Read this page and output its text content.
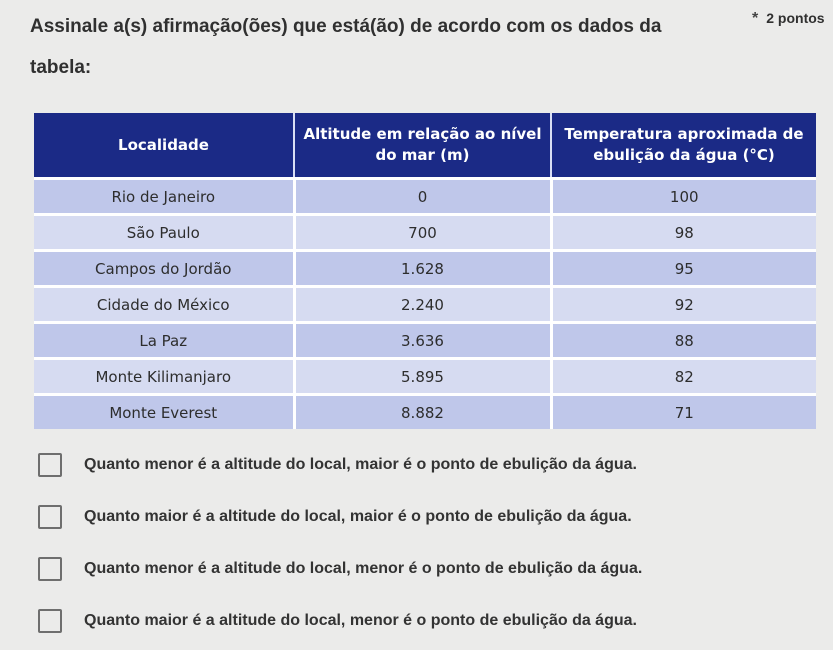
Assinale a(s) afirmação(ões) que está(ão) de acordo com os dados da tabela:
* 2 pontos
Localidade	Altitude em relação ao nível do mar (m)	Temperatura aproximada de ebulição da água (°C)
Rio de Janeiro	0	100
São Paulo	700	98
Campos do Jordão	1.628	95
Cidade do México	2.240	92
La Paz	3.636	88
Monte Kilimanjaro	5.895	82
Monte Everest	8.882	71
Quanto menor é a altitude do local, maior é o ponto de ebulição da água.
Quanto maior é a altitude do local, maior é o ponto de ebulição da água.
Quanto menor é a altitude do local, menor é o ponto de ebulição da água.
Quanto maior é a altitude do local, menor é o ponto de ebulição da água.
